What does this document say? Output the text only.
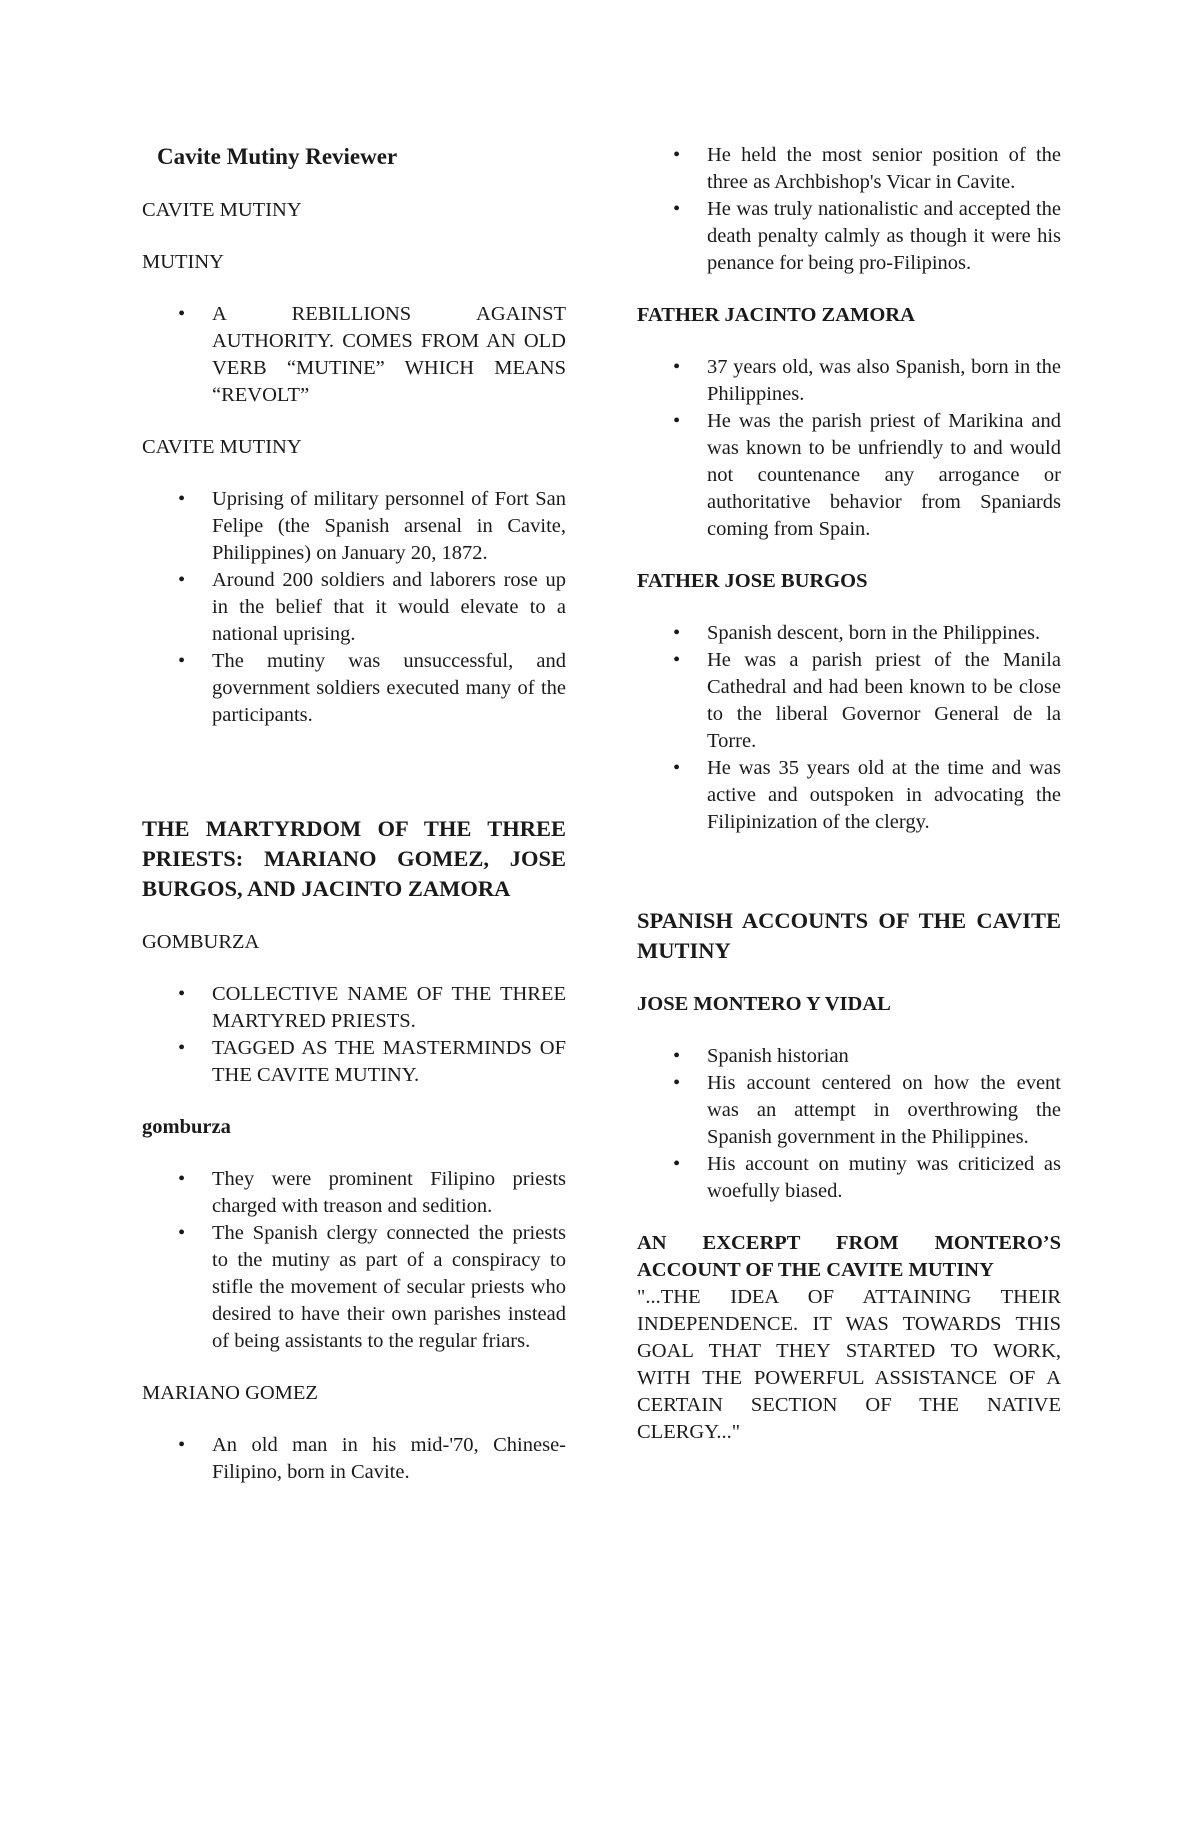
Cavite Mutiny Reviewer
CAVITE MUTINY
MUTINY
• A REBILLIONS AGAINST AUTHORITY. COMES FROM AN OLD VERB “MUTINE” WHICH MEANS “REVOLT”
CAVITE MUTINY
• Uprising of military personnel of Fort San Felipe (the Spanish arsenal in Cavite, Philippines) on January 20, 1872.
• Around 200 soldiers and laborers rose up in the belief that it would elevate to a national uprising.
• The mutiny was unsuccessful, and government soldiers executed many of the participants.
THE MARTYRDOM OF THE THREE PRIESTS: MARIANO GOMEZ, JOSE BURGOS, AND JACINTO ZAMORA
GOMBURZA
• COLLECTIVE NAME OF THE THREE MARTYRED PRIESTS.
• TAGGED AS THE MASTERMINDS OF THE CAVITE MUTINY.
gomburza
• They were prominent Filipino priests charged with treason and sedition.
• The Spanish clergy connected the priests to the mutiny as part of a conspiracy to stifle the movement of secular priests who desired to have their own parishes instead of being assistants to the regular friars.
MARIANO GOMEZ
• An old man in his mid-'70, Chinese-Filipino, born in Cavite.
• He held the most senior position of the three as Archbishop's Vicar in Cavite.
• He was truly nationalistic and accepted the death penalty calmly as though it were his penance for being pro-Filipinos.
FATHER JACINTO ZAMORA
• 37 years old, was also Spanish, born in the Philippines.
• He was the parish priest of Marikina and was known to be unfriendly to and would not countenance any arrogance or authoritative behavior from Spaniards coming from Spain.
FATHER JOSE BURGOS
• Spanish descent, born in the Philippines.
• He was a parish priest of the Manila Cathedral and had been known to be close to the liberal Governor General de la Torre.
• He was 35 years old at the time and was active and outspoken in advocating the Filipinization of the clergy.
SPANISH ACCOUNTS OF THE CAVITE MUTINY
JOSE MONTERO Y VIDAL
• Spanish historian
• His account centered on how the event was an attempt in overthrowing the Spanish government in the Philippines.
• His account on mutiny was criticized as woefully biased.
AN EXCERPT FROM MONTERO’S ACCOUNT OF THE CAVITE MUTINY

"...THE IDEA OF ATTAINING THEIR INDEPENDENCE. IT WAS TOWARDS THIS GOAL THAT THEY STARTED TO WORK, WITH THE POWERFUL ASSISTANCE OF A CERTAIN SECTION OF THE NATIVE CLERGY..."
